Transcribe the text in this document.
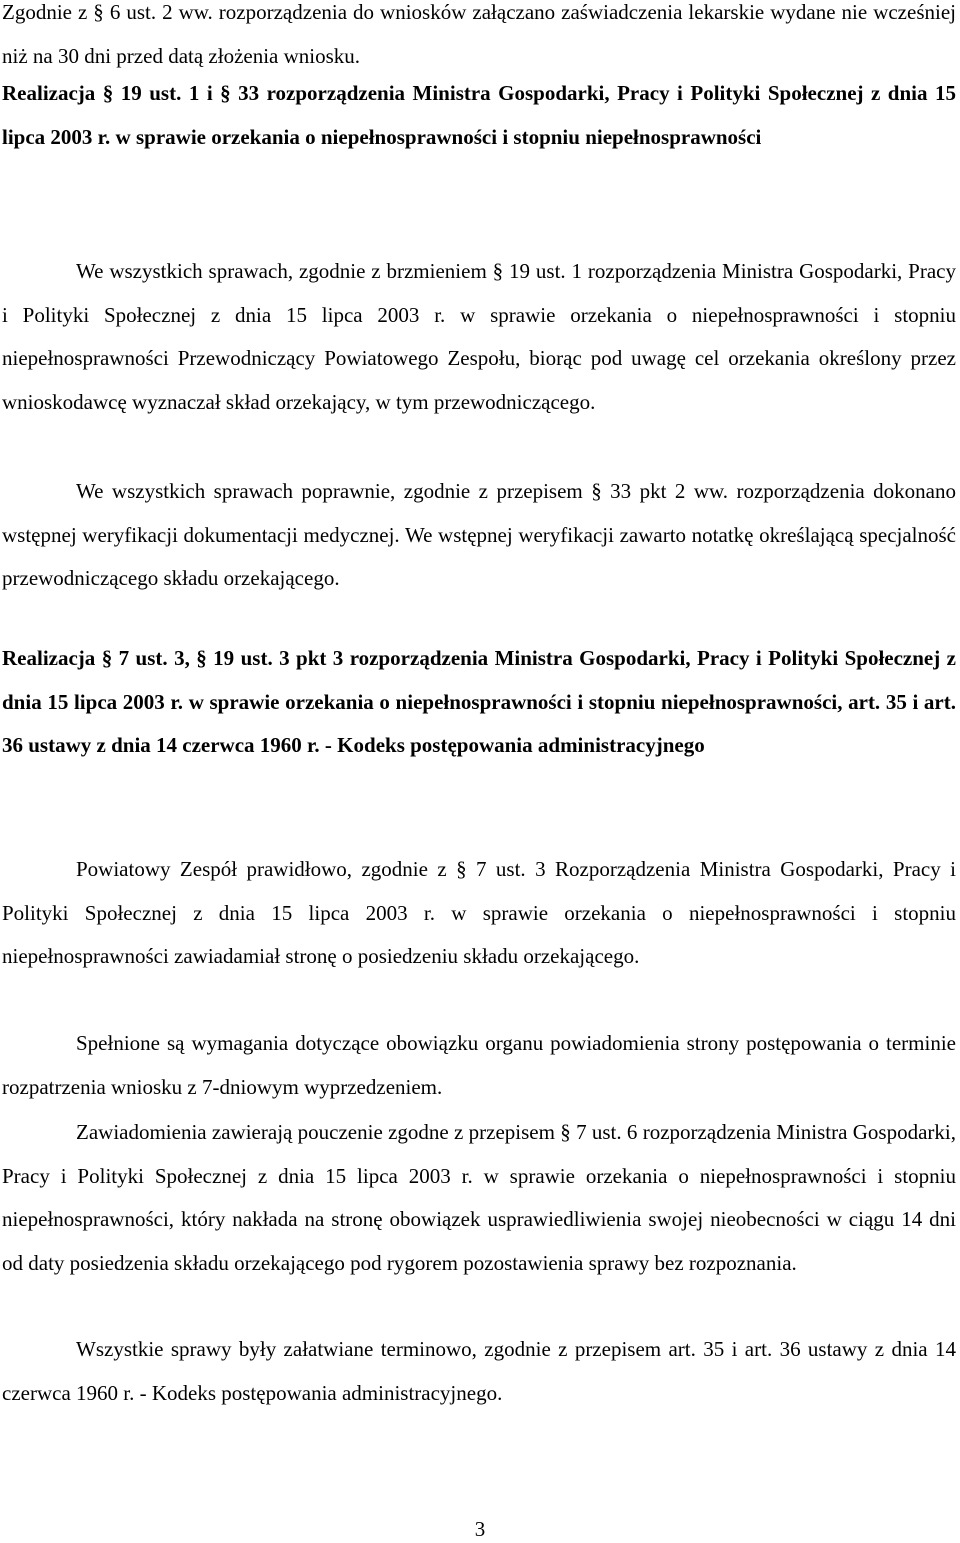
Zgodnie z § 6 ust. 2 ww. rozporządzenia do wniosków załączano zaświadczenia lekarskie wydane nie wcześniej niż na 30 dni przed datą złożenia wniosku.

Realizacja § 19 ust. 1 i § 33 rozporządzenia Ministra Gospodarki, Pracy i Polityki Społecznej z dnia 15 lipca 2003 r. w sprawie orzekania o niepełnosprawności i stopniu niepełnosprawności

We wszystkich sprawach, zgodnie z brzmieniem § 19 ust. 1 rozporządzenia Ministra Gospodarki, Pracy i Polityki Społecznej z dnia 15 lipca 2003 r. w sprawie orzekania o niepełnosprawności i stopniu niepełnosprawności Przewodniczący Powiatowego Zespołu, biorąc pod uwagę cel orzekania określony przez wnioskodawcę wyznaczał skład orzekający, w tym przewodniczącego.

We wszystkich sprawach poprawnie, zgodnie z przepisem § 33 pkt 2 ww. rozporządzenia dokonano wstępnej weryfikacji dokumentacji medycznej. We wstępnej weryfikacji zawarto notatkę określającą specjalność przewodniczącego składu orzekającego.

Realizacja § 7 ust. 3, § 19 ust. 3 pkt 3 rozporządzenia Ministra Gospodarki, Pracy i Polityki Społecznej z dnia 15 lipca 2003 r. w sprawie orzekania o niepełnosprawności i stopniu niepełnosprawności, art. 35 i art. 36 ustawy z dnia 14 czerwca 1960 r. - Kodeks postępowania administracyjnego

Powiatowy Zespół prawidłowo, zgodnie z § 7 ust. 3 Rozporządzenia Ministra Gospodarki, Pracy i Polityki Społecznej z dnia 15 lipca 2003 r. w sprawie orzekania o niepełnosprawności i stopniu niepełnosprawności zawiadamiał stronę o posiedzeniu składu orzekającego.

Spełnione są wymagania dotyczące obowiązku organu powiadomienia strony postępowania o terminie rozpatrzenia wniosku z 7-dniowym wyprzedzeniem.

Zawiadomienia zawierają pouczenie zgodne z przepisem § 7 ust. 6 rozporządzenia Ministra Gospodarki, Pracy i Polityki Społecznej z dnia 15 lipca 2003 r. w sprawie orzekania o niepełnosprawności i stopniu niepełnosprawności, który nakłada na stronę obowiązek usprawiedliwienia swojej nieobecności w ciągu 14 dni od daty posiedzenia składu orzekającego pod rygorem pozostawienia sprawy bez rozpoznania.

Wszystkie sprawy były załatwiane terminowo, zgodnie z przepisem art. 35 i art. 36 ustawy z dnia 14 czerwca 1960 r. - Kodeks postępowania administracyjnego.

3
